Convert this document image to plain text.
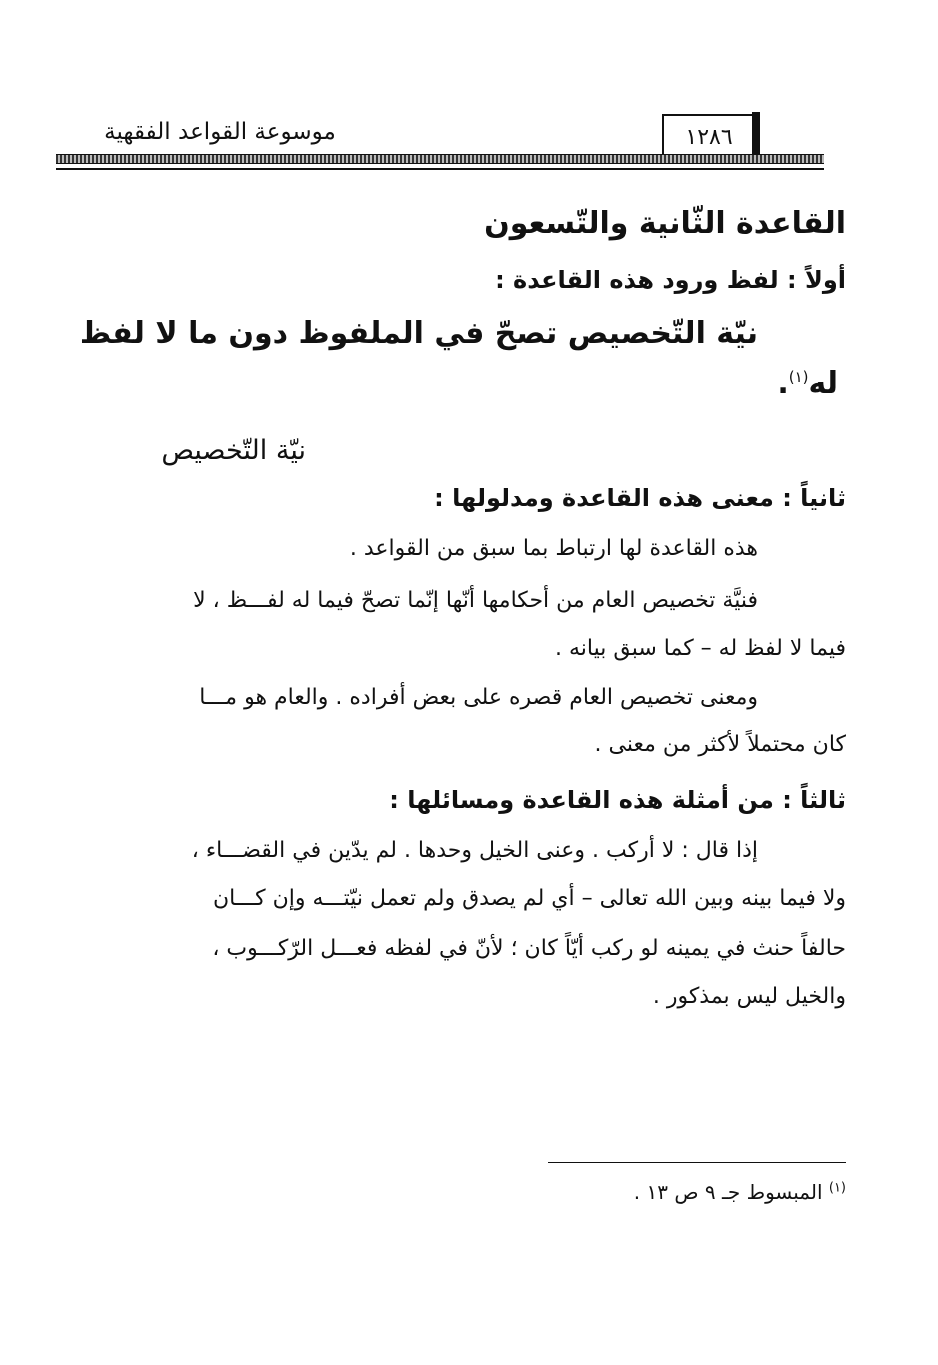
موسوعة القواعد الفقهية	١٢٨٦
القاعدة الثّانية والتّسعون
أولاً : لفظ ورود هذه القاعدة :
نيّة التّخصيص تصحّ في الملفوظ دون ما لا لفظ
له$^{(١)}$.
نيّة التّخصيص
ثانياً : معنى هذه القاعدة ومدلولها :
هذه القاعدة لها ارتباط بما سبق من القواعد .
فنيَّة تخصيص العام من أحكامها أنّها إنّما تصحّ فيما له لفـــظ ، لا
فيما لا لفظ له – كما سبق بيانه .
ومعنى تخصيص العام قصره على بعض أفراده . والعام هو مـــا
كان محتملاً لأكثر من معنى .
ثالثاً : من أمثلة هذه القاعدة ومسائلها :
إذا قال : لا أركب . وعنى الخيل وحدها . لم يدّين في القضـــاء ،
ولا فيما بينه وبين الله تعالى – أي لم يصدق ولم تعمل نيّتـــه وإن كـــان
حالفاً حنث في يمينه لو ركب أيّاً كان ؛ لأنّ في لفظه فعـــل الرّكـــوب ،
والخيل ليس بمذكور .
$^{(١)}$ المبسوط جـ ٩ ص ١٣ .
